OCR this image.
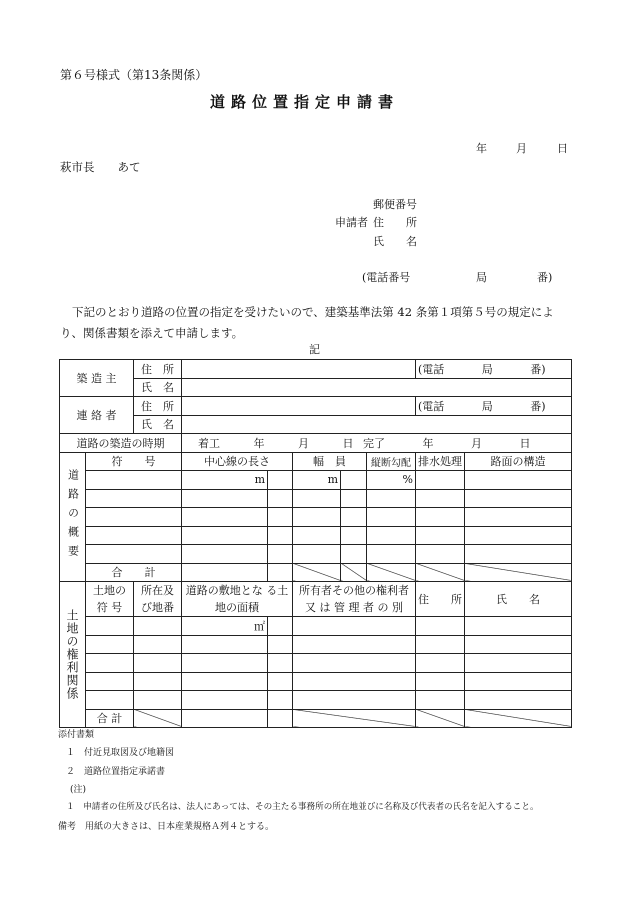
第６号様式（第13条関係）
道路位置指定申請書
年	月	日
萩市長　　あて
郵便番号
申請者 住　　所
氏　　名
(電話番号	局	番)
下記のとおり道路の位置の指定を受けたいので、建築基準法第 42 条第１項第５号の規定により、関係書類を添えて申請します。
記
築 造 主		住　所						(電話 局 番)	
		氏　名							
連 絡 者		住　所						(電話 局 番)	
		氏　名							
道路の築造の時期			着工 年 月 日 完了 年 月 日						
道路の概要	符　　号		中心線の長さ		幅　員		縦断勾配	排水処理	路面の構造
			m		m		%		

	合　　計								
土地の権利関係	土地の 符 号	所在及 び地番	道路の敷地とな る土地の面積		所有者その他の権利者又 は 管 理 者 の 別			住　　所	氏　　名
			㎡						

	合 計								
添付書類
１　付近見取図及び地籍図
２　道路位置指定承諾書
(注)
１　申請者の住所及び氏名は、法人にあっては、その主たる事務所の所在地並びに名称及び代表者の氏名を記入すること。
備考　用紙の大きさは、日本産業規格Ａ列４とする。
